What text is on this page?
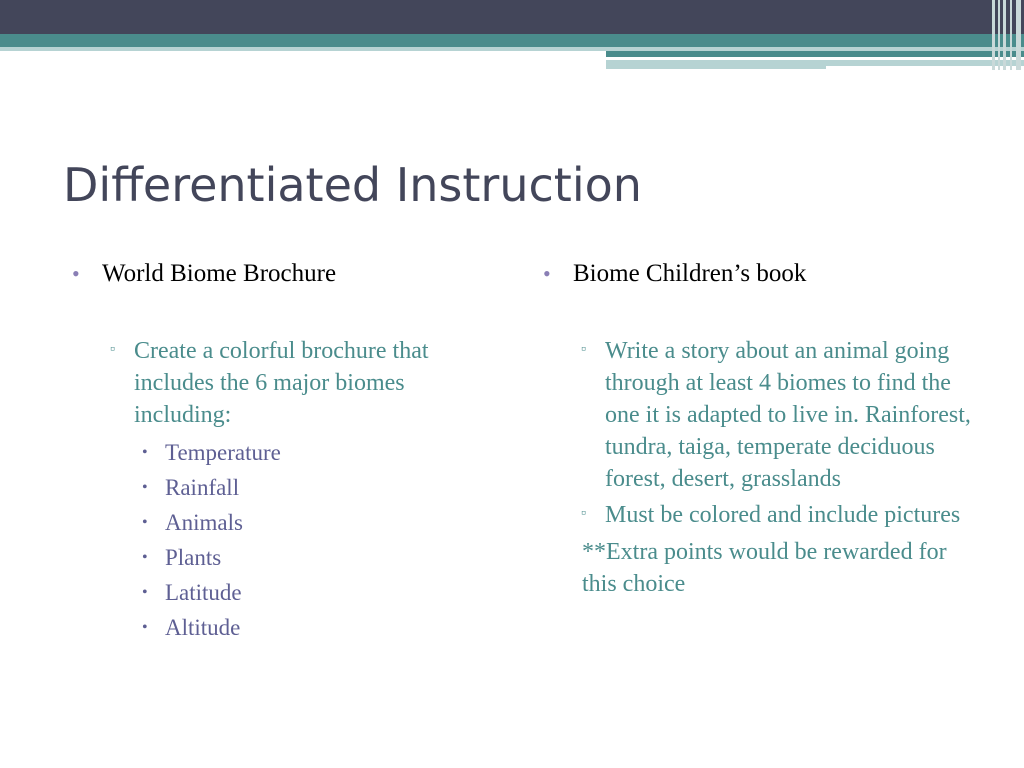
Differentiated Instruction
• World Biome Brochure
▫ Create a colorful brochure that includes the 6 major biomes including:
• Temperature
• Rainfall
• Animals
• Plants
• Latitude
• Altitude
• Biome Children’s book
▫ Write a story about an animal going through at least 4 biomes to find the one it is adapted to live in. Rainforest, tundra, taiga, temperate deciduous forest, desert, grasslands
▫ Must be colored and include pictures
**Extra points would be rewarded for this choice
